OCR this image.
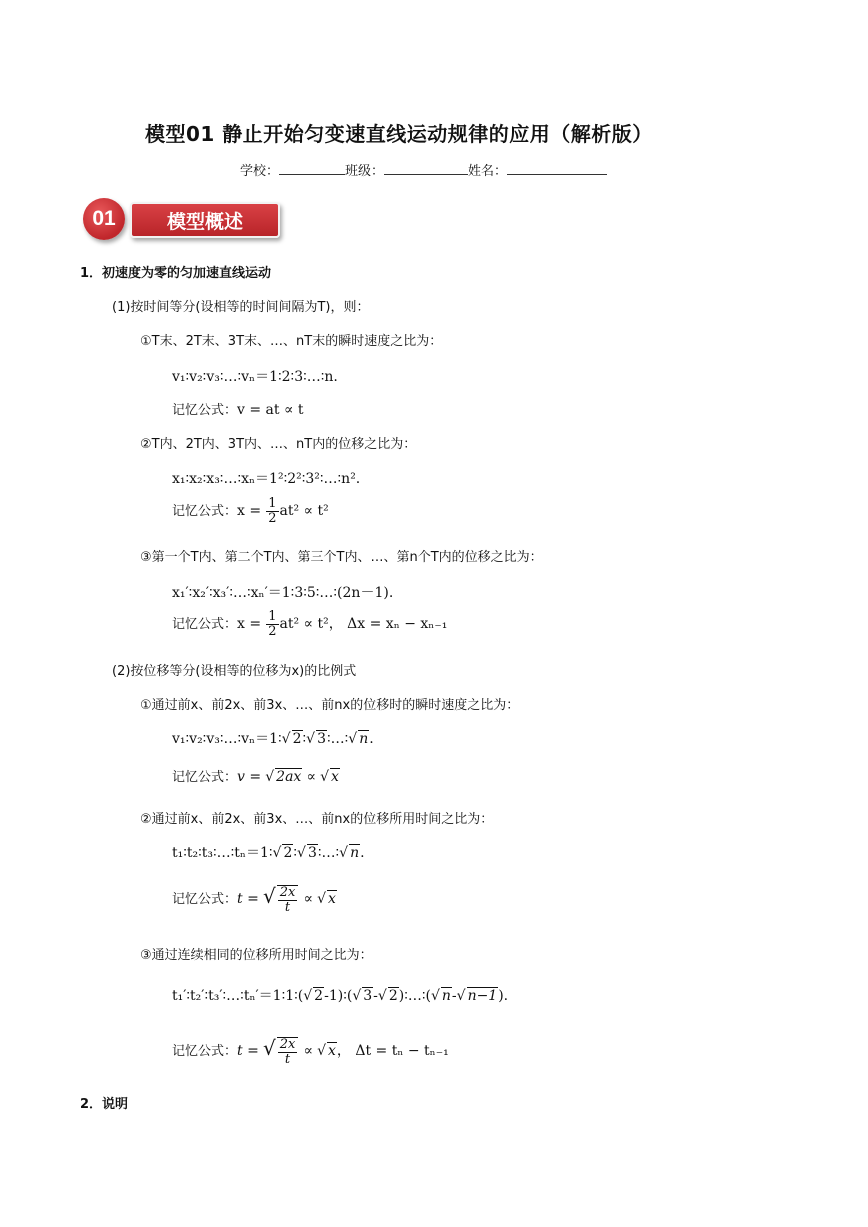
模型01 静止开始匀变速直线运动规律的应用（解析版）
学校：	班级：	姓名：
模型概述
01
1．初速度为零的匀加速直线运动
(1)按时间等分(设相等的时间间隔为T)，则：
①T末、2T末、3T末、…、nT末的瞬时速度之比为：
v₁∶v₂∶v₃∶…∶vₙ＝1∶2∶3∶…∶n.
记忆公式：v = at ∝ t
②T内、2T内、3T内、…、nT内的位移之比为：
x₁∶x₂∶x₃∶…∶xₙ＝1²∶2²∶3²∶…∶n².
记忆公式：$x = \frac{1}{2} at^2 \propto t^2$
③第一个T内、第二个T内、第三个T内、…、第n个T内的位移之比为：
x₁′∶x₂′∶x₃′∶…∶xₙ′＝1∶3∶5∶…∶(2n－1).
记忆公式：$x = \frac{1}{2} at^2 \propto t^2$， Δx = xₙ − xₙ₋₁
(2)按位移等分(设相等的位移为x)的比例式
①通过前x、前2x、前3x、…、前nx的位移时的瞬时速度之比为：
v₁∶v₂∶v₃∶…∶vₙ＝1∶√ 2∶√ 3∶…∶√ n.
记忆公式：v = √ 2ax ∝ √ x
②通过前x、前2x、前3x、…、前nx的位移所用时间之比为：
t₁∶t₂∶t₃∶…∶tₙ＝1∶√ 2∶√ 3∶…∶√ n.
记忆公式：t = √ $\frac{2x}{t}$ ∝ √ x
③通过连续相同的位移所用时间之比为：
t₁′∶t₂′∶t₃′∶…∶tₙ′＝1∶1∶(√ 2-1)∶(√ 3-√ 2)∶…∶(√ n-√ n−1).
记忆公式：t = √ $\frac{2x}{t}$ ∝ √ x， Δt = tₙ − tₙ₋₁
2．说明
